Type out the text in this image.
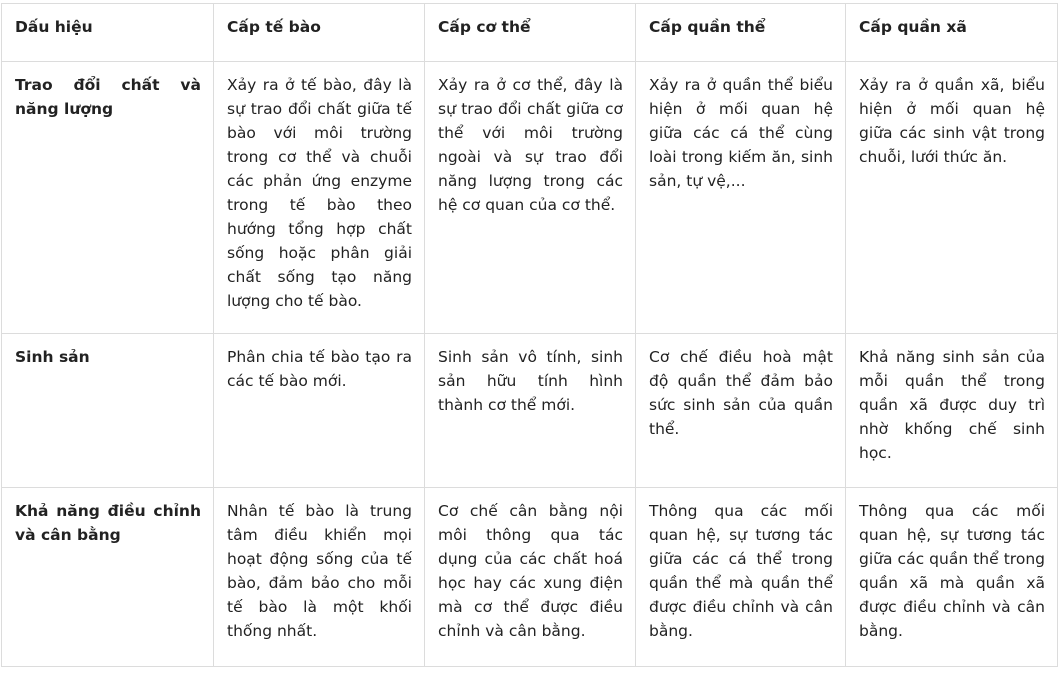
Dấu hiệu	Cấp tế bào	Cấp cơ thể	Cấp quần thể	Cấp quần xã
Trao đổi chất và năng lượng	Xảy ra ở tế bào, đây là sự trao đổi chất giữa tế bào với môi trường trong cơ thể và chuỗi các phản ứng enzyme trong tế bào theo hướng tổng hợp chất sống hoặc phân giải chất sống tạo năng lượng cho tế bào.	Xảy ra ở cơ thể, đây là sự trao đổi chất giữa cơ thể với môi trường ngoài và sự trao đổi năng lượng trong các hệ cơ quan của cơ thể.	Xảy ra ở quần thể biểu hiện ở mối quan hệ giữa các cá thể cùng loài trong kiếm ăn, sinh sản, tự vệ,...	Xảy ra ở quần xã, biểu hiện ở mối quan hệ giữa các sinh vật trong chuỗi, lưới thức ăn.
Sinh sản	Phân chia tế bào tạo ra các tế bào mới.	Sinh sản vô tính, sinh sản hữu tính hình thành cơ thể mới.	Cơ chế điều hoà mật độ quần thể đảm bảo sức sinh sản của quần thể.	Khả năng sinh sản của mỗi quần thể trong quần xã được duy trì nhờ khống chế sinh học.
Khả năng điều chỉnh và cân bằng	Nhân tế bào là trung tâm điều khiển mọi hoạt động sống của tế bào, đảm bảo cho mỗi tế bào là một khối thống nhất.	Cơ chế cân bằng nội môi thông qua tác dụng của các chất hoá học hay các xung điện mà cơ thể được điều chỉnh và cân bằng.	Thông qua các mối quan hệ, sự tương tác giữa các cá thể trong quần thể mà quần thể được điều chỉnh và cân bằng.	Thông qua các mối quan hệ, sự tương tác giữa các quần thể trong quần xã mà quần xã được điều chỉnh và cân bằng.
